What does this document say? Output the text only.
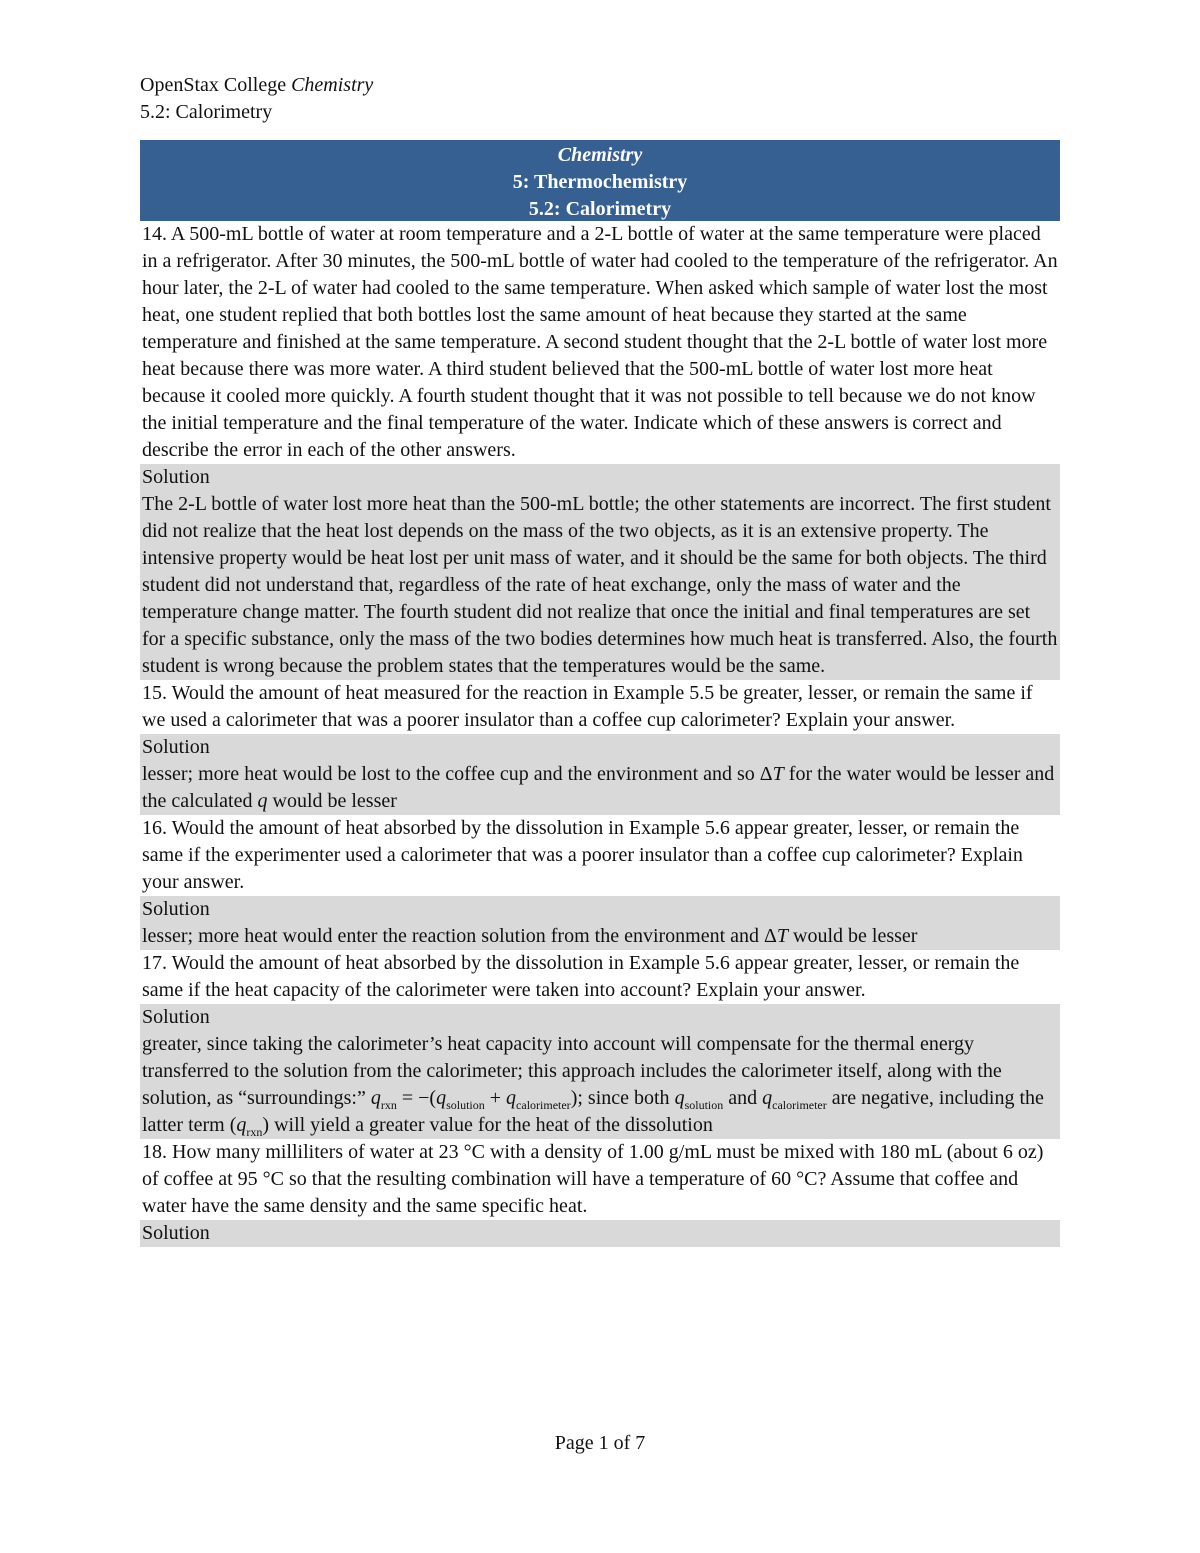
OpenStax College Chemistry
5.2: Calorimetry
Chemistry
5: Thermochemistry
5.2: Calorimetry
14. A 500-mL bottle of water at room temperature and a 2-L bottle of water at the same temperature were placed in a refrigerator. After 30 minutes, the 500-mL bottle of water had cooled to the temperature of the refrigerator. An hour later, the 2-L of water had cooled to the same temperature. When asked which sample of water lost the most heat, one student replied that both bottles lost the same amount of heat because they started at the same temperature and finished at the same temperature. A second student thought that the 2-L bottle of water lost more heat because there was more water. A third student believed that the 500-mL bottle of water lost more heat because it cooled more quickly. A fourth student thought that it was not possible to tell because we do not know the initial temperature and the final temperature of the water. Indicate which of these answers is correct and describe the error in each of the other answers.
Solution
The 2-L bottle of water lost more heat than the 500-mL bottle; the other statements are incorrect. The first student did not realize that the heat lost depends on the mass of the two objects, as it is an extensive property. The intensive property would be heat lost per unit mass of water, and it should be the same for both objects. The third student did not understand that, regardless of the rate of heat exchange, only the mass of water and the temperature change matter. The fourth student did not realize that once the initial and final temperatures are set for a specific substance, only the mass of the two bodies determines how much heat is transferred. Also, the fourth student is wrong because the problem states that the temperatures would be the same.
15. Would the amount of heat measured for the reaction in Example 5.5 be greater, lesser, or remain the same if we used a calorimeter that was a poorer insulator than a coffee cup calorimeter? Explain your answer.
Solution
lesser; more heat would be lost to the coffee cup and the environment and so ΔT for the water would be lesser and the calculated q would be lesser
16. Would the amount of heat absorbed by the dissolution in Example 5.6 appear greater, lesser, or remain the same if the experimenter used a calorimeter that was a poorer insulator than a coffee cup calorimeter? Explain your answer.
Solution
lesser; more heat would enter the reaction solution from the environment and ΔT would be lesser
17. Would the amount of heat absorbed by the dissolution in Example 5.6 appear greater, lesser, or remain the same if the heat capacity of the calorimeter were taken into account? Explain your answer.
Solution
greater, since taking the calorimeter’s heat capacity into account will compensate for the thermal energy transferred to the solution from the calorimeter; this approach includes the calorimeter itself, along with the solution, as “surroundings:” $q_{rxn} = -(q_{solution} + q_{calorimeter})$; since both $q_{solution}$ and $q_{calorimeter}$ are negative, including the latter term $(q_{rxn})$ will yield a greater value for the heat of the dissolution
18. How many milliliters of water at 23 °C with a density of 1.00 g/mL must be mixed with 180 mL (about 6 oz) of coffee at 95 °C so that the resulting combination will have a temperature of 60 °C? Assume that coffee and water have the same density and the same specific heat.
Solution
Page 1 of 7
